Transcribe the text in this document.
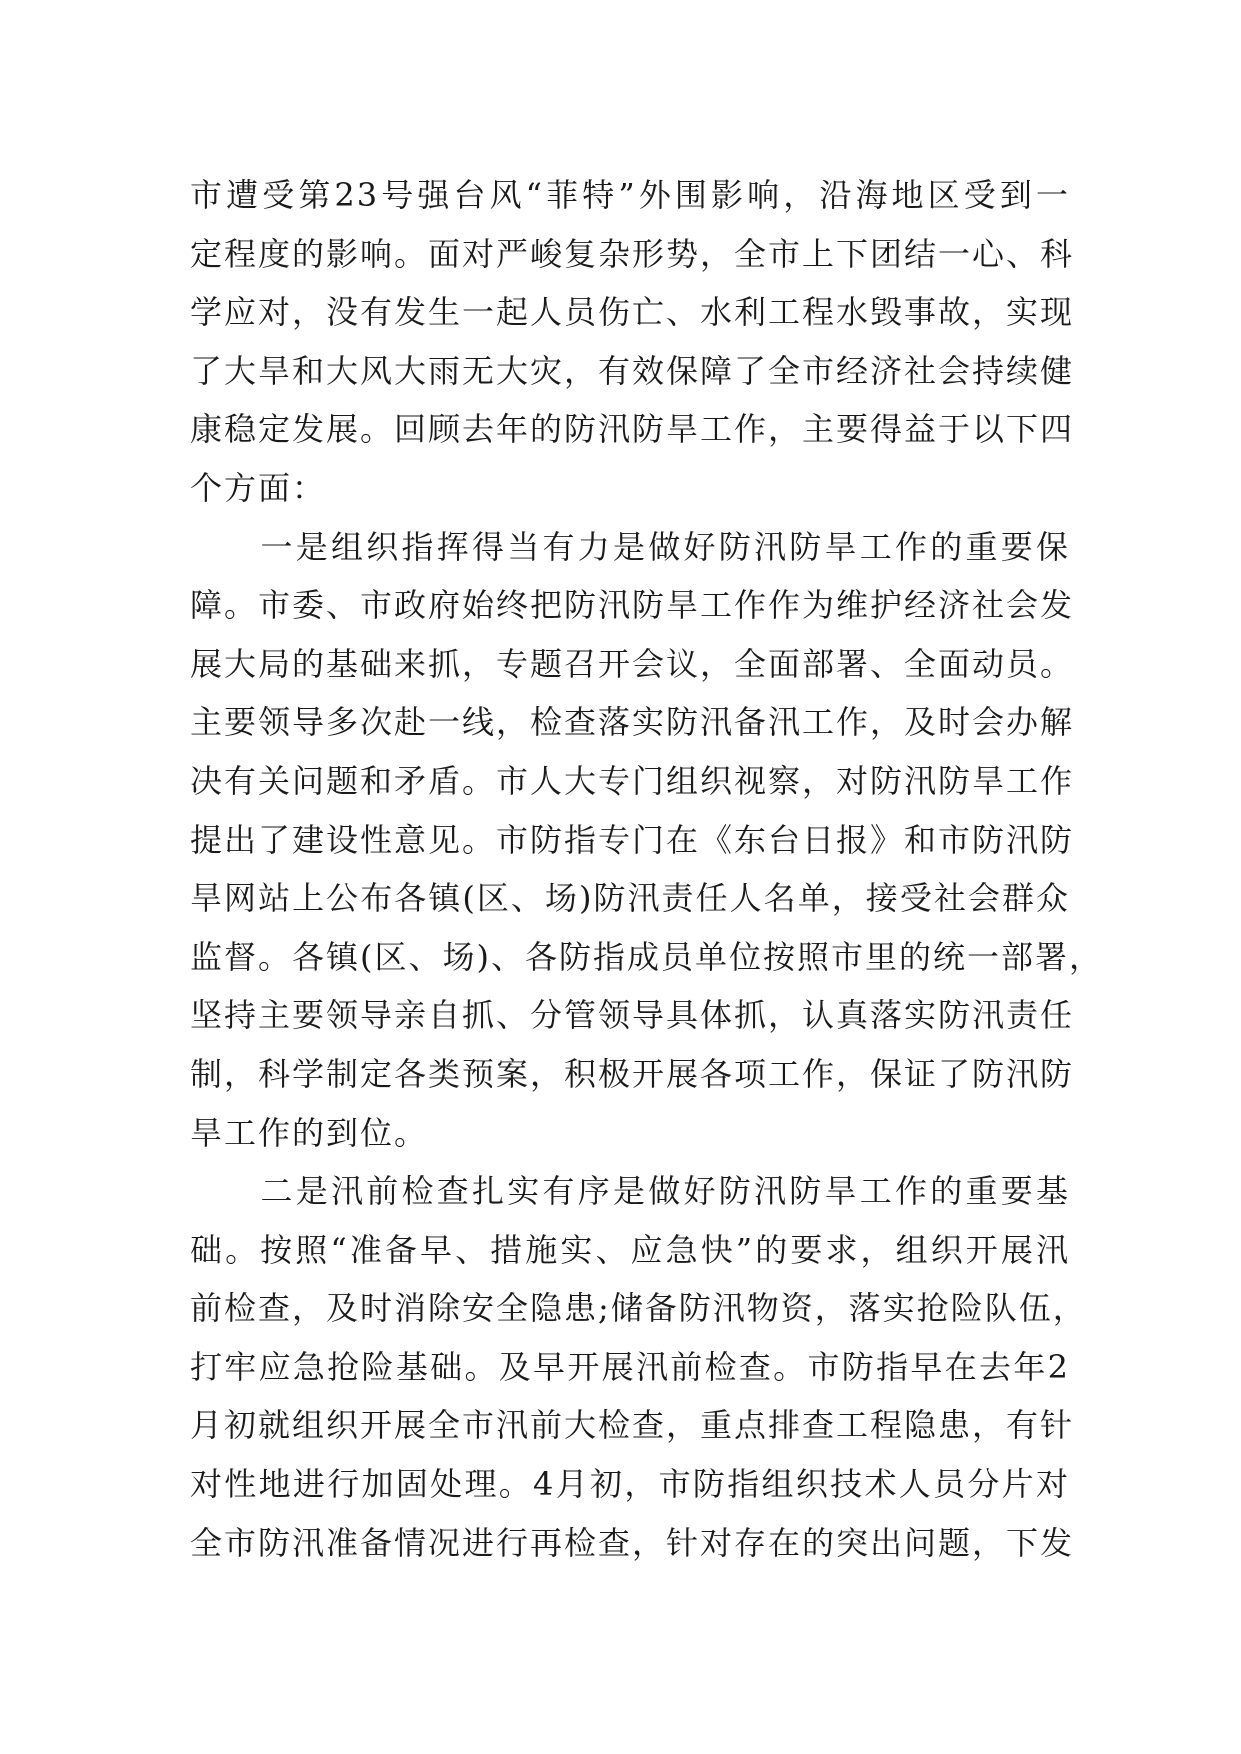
市遭受第23号强台风“菲特”外围影响，沿海地区受到一
定程度的影响。面对严峻复杂形势，全市上下团结一心、科
学应对，没有发生一起人员伤亡、水利工程水毁事故，实现
了大旱和大风大雨无大灾，有效保障了全市经济社会持续健
康稳定发展。回顾去年的防汛防旱工作，主要得益于以下四
个方面：
　　一是组织指挥得当有力是做好防汛防旱工作的重要保
障。市委、市政府始终把防汛防旱工作作为维护经济社会发
展大局的基础来抓，专题召开会议，全面部署、全面动员。
主要领导多次赴一线，检查落实防汛备汛工作，及时会办解
决有关问题和矛盾。市人大专门组织视察，对防汛防旱工作
提出了建设性意见。市防指专门在《东台日报》和市防汛防
旱网站上公布各镇(区、场)防汛责任人名单，接受社会群众
监督。各镇(区、场)、各防指成员单位按照市里的统一部署，
坚持主要领导亲自抓、分管领导具体抓，认真落实防汛责任
制，科学制定各类预案，积极开展各项工作，保证了防汛防
旱工作的到位。
　　二是汛前检查扎实有序是做好防汛防旱工作的重要基
础。按照“准备早、措施实、应急快”的要求，组织开展汛
前检查，及时消除安全隐患;储备防汛物资，落实抢险队伍，
打牢应急抢险基础。及早开展汛前检查。市防指早在去年2
月初就组织开展全市汛前大检查，重点排查工程隐患，有针
对性地进行加固处理。4月初，市防指组织技术人员分片对
全市防汛准备情况进行再检查，针对存在的突出问题，下发
